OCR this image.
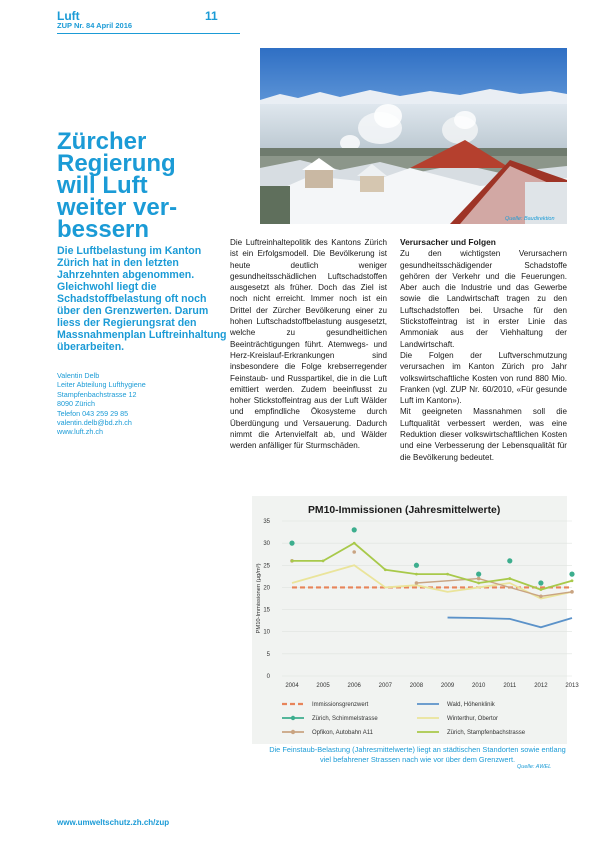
Luft
ZUP Nr. 84 April 2016
11
Quelle: Baudirektion
Zürcher
Regierung
will Luft
weiter ver-
bessern
Die Luftbelastung im Kanton Zürich hat in den letzten Jahrzehnten abgenommen. Gleichwohl liegt die Schadstoffbelastung oft noch über den Grenzwerten. Darum liess der Regierungsrat den Massnahmenplan Luftreinhaltung überarbeiten.
Valentin Delb
Leiter Abteilung Lufthygiene
Stampfenbachstrasse 12
8090 Zürich
Telefon 043 259 29 85
valentin.delb@bd.zh.ch
www.luft.zh.ch

Die Luftreinhaltepolitik des Kantons Zürich ist ein Erfolgsmodell. Die Bevölkerung ist heute deutlich weniger gesundheitsschädlichen Luftschadstoffen ausgesetzt als früher. Doch das Ziel ist noch nicht erreicht. Immer noch ist ein Drittel der Zürcher Bevölkerung einer zu hohen Luftschadstoffbelastung ausgesetzt, welche zu gesundheitlichen Beeinträchtigungen führt. Atemwegs- und Herz-Kreislauf-Erkrankungen sind insbesondere die Folge krebserregender Feinstaub- und Russpartikel, die in die Luft emittiert werden. Zudem beeinflusst zu hoher Stickstoffeintrag aus der Luft Wälder und empfindliche Ökosysteme durch Überdüngung und Versauerung. Dadurch nimmt die Artenvielfalt ab, und Wälder werden anfälliger für Sturmschäden.

Verursacher und Folgen

Zu den wichtigsten Verursachern gesundheitsschädigender Schadstoffe gehören der Verkehr und die Feuerungen. Aber auch die Industrie und das Gewerbe sowie die Landwirtschaft tragen zu den Luftschadstoffen bei. Ursache für den Stickstoffeintrag ist in erster Linie das Ammoniak aus der Viehhaltung der Landwirtschaft.

Die Folgen der Luftverschmutzung verursachen im Kanton Zürich pro Jahr volkswirtschaftliche Kosten von rund 880 Mio. Franken (vgl. ZUP Nr. 60/2010, «Für gesunde Luft im Kanton»).

Mit geeigneten Massnahmen soll die Luftqualität verbessert werden, was eine Reduktion dieser volkswirtschaftlichen Kosten und eine Verbesserung der Lebensqualität für die Bevölkerung bedeutet.

0
5
10
15
20
25
30
35
2004	2005	2006	2007	2008	2009	2010	2011	2012	2013
PM10-Immissionen (µg/m³)
Immissionsgrenzwert	Wald, Höhenklinik
Zürich, Schimmelstrasse	Winterthur, Obertor
Opfikon, Autobahn A11	Zürich, Stampfenbachstrasse
PM10-Immissionen (Jahresmittelwerte)
Die Feinstaub-Belastung (Jahresmittelwerte) liegt an städtischen Standorten sowie entlang viel befahrener Strassen nach wie vor über dem Grenzwert.
Quelle: AWEL
www.umweltschutz.zh.ch/zup
